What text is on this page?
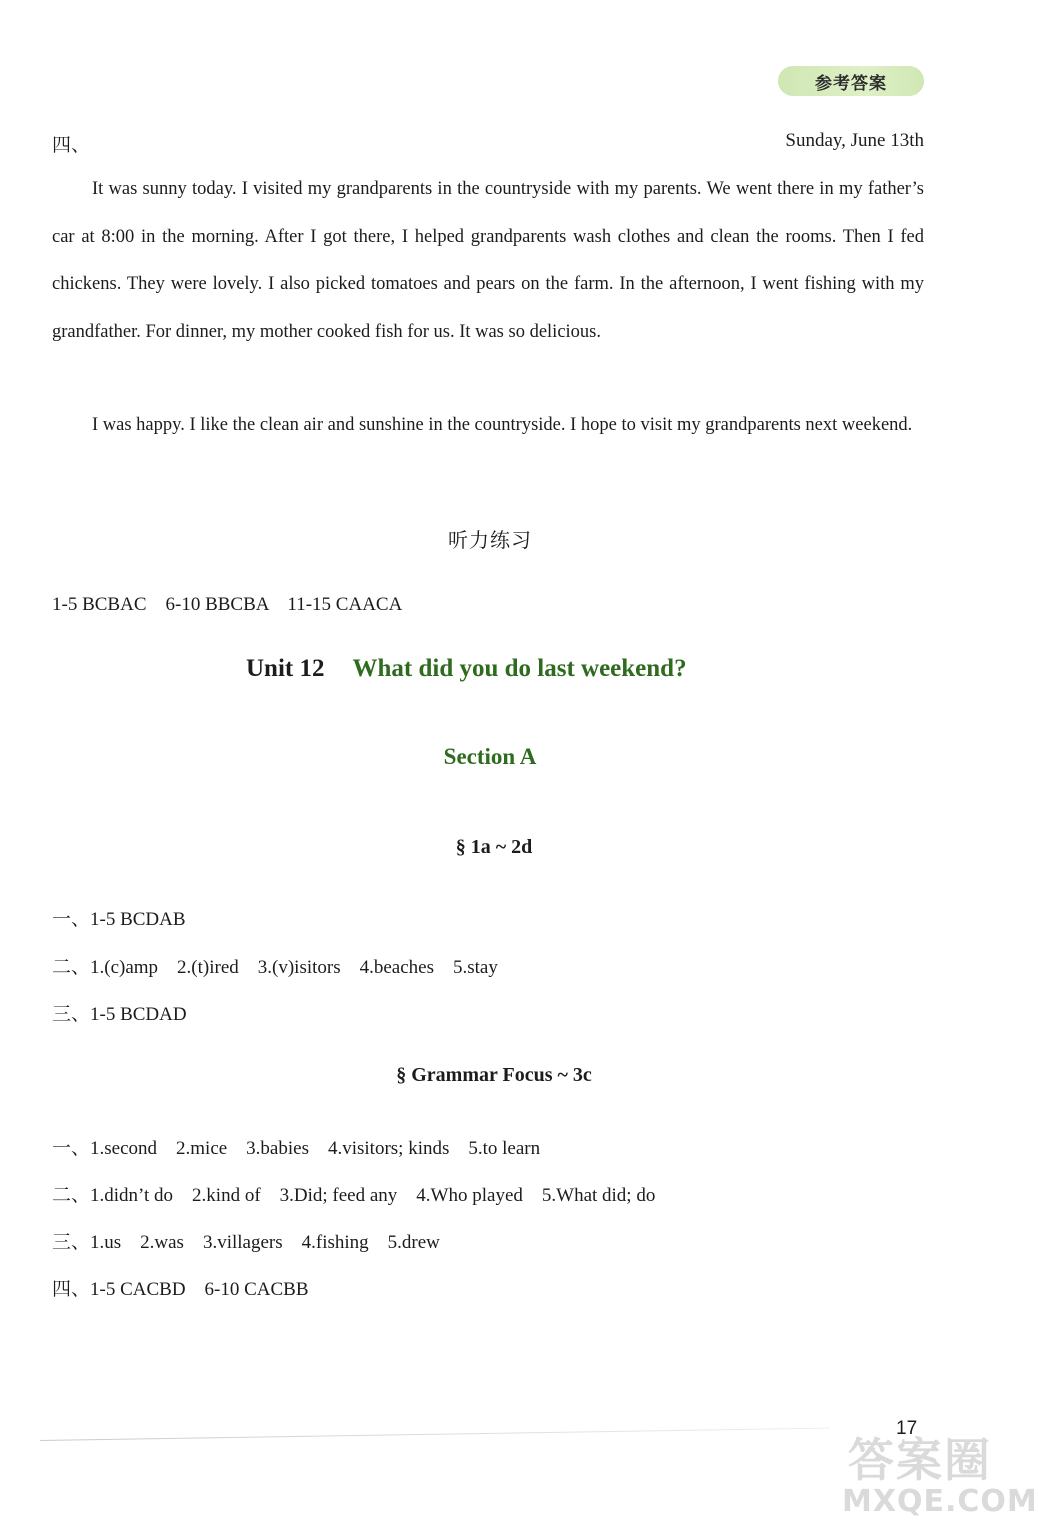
参考答案
四、	Sunday, June 13th
It was sunny today. I visited my grandparents in the countryside with my parents. We went there in my father’s car at 8:00 in the morning. After I got there, I helped grandparents wash clothes and clean the rooms. Then I fed chickens. They were lovely. I also picked tomatoes and pears on the farm. In the afternoon, I went fishing with my grandfather. For dinner, my mother cooked fish for us. It was so delicious.
I was happy. I like the clean air and sunshine in the countryside. I hope to visit my grandparents next weekend.
听力练习
1-5 BCBAC    6-10 BBCBA    11-15 CAACA
Unit 12 What did you do last weekend?
Section A
§ 1a ~ 2d
一、1-5 BCDAB
二、1.(c)amp    2.(t)ired    3.(v)isitors    4.beaches    5.stay
三、1-5 BCDAD
§ Grammar Focus ~ 3c
一、1.second    2.mice    3.babies    4.visitors; kinds    5.to learn
二、1.didn’t do    2.kind of    3.Did; feed any    4.Who played    5.What did; do
三、1.us    2.was    3.villagers    4.fishing    5.drew
四、1-5 CACBD    6-10 CACBB
17
答案圈
MXQE.COM
